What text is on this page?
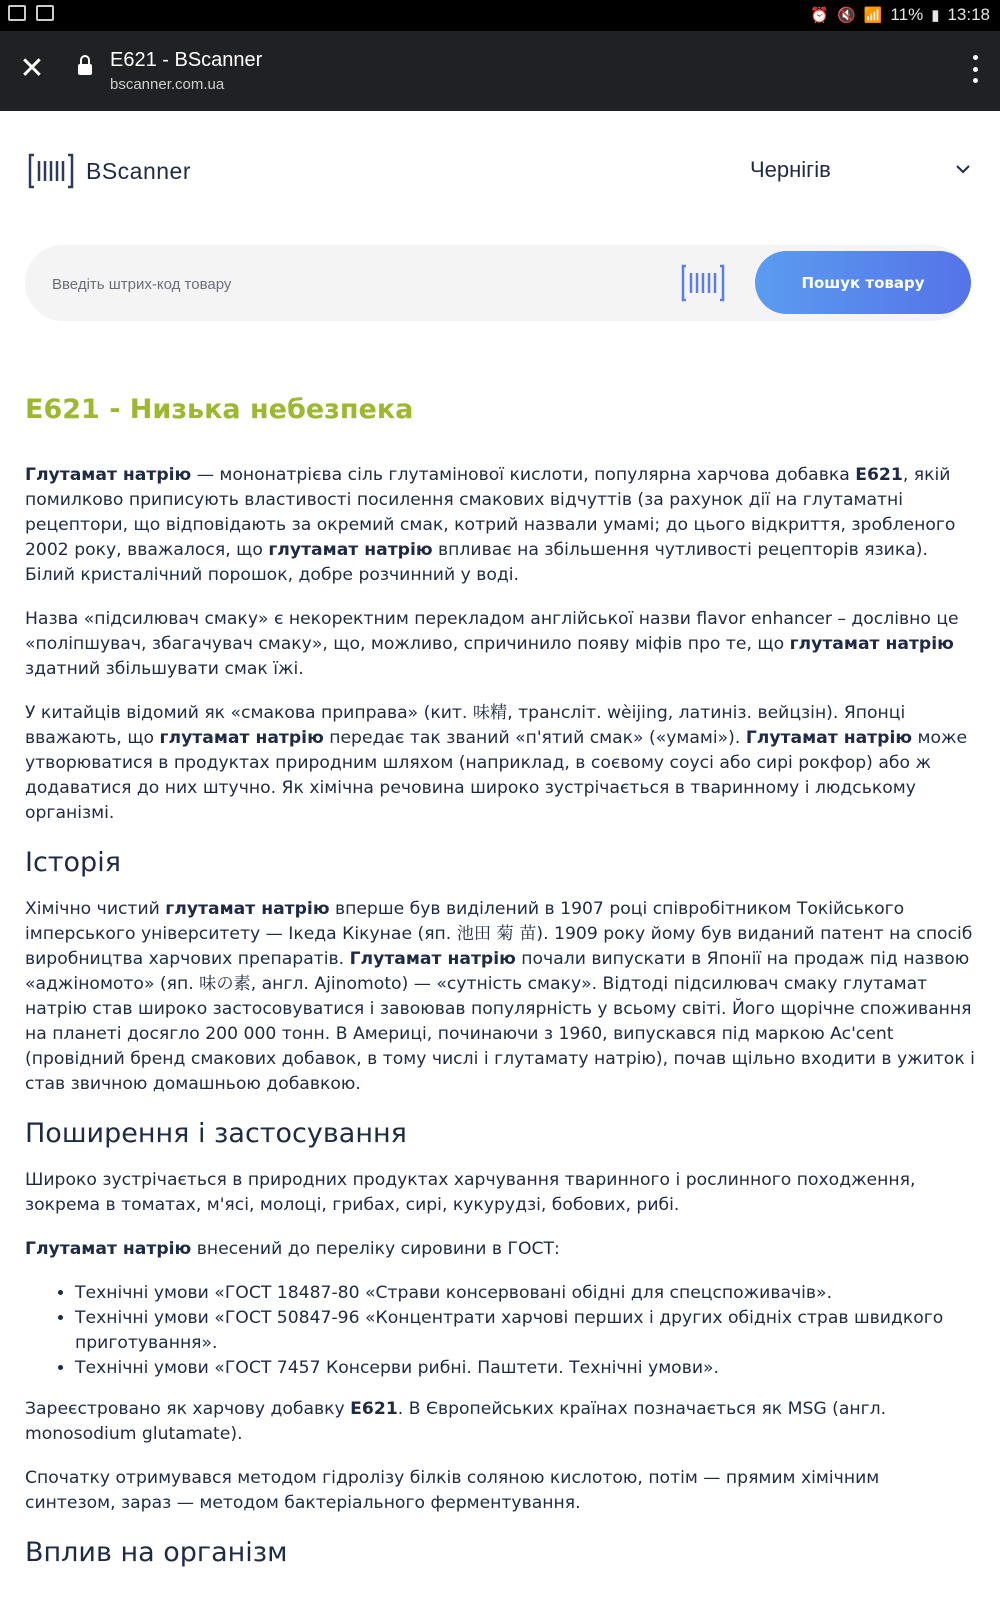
⏰ 🔇 📶 11% ▮ 13:18
✕	E621 - BScanner
bscanner.com.ua
BScanner	Чернігів
Введіть штрих-код товару
Пошук товару
E621 - Низька небезпека

Глутамат натрію — мононатрієва сіль глутамінової кислоти, популярна харчова добавка E621, якій помилково приписують властивості посилення смакових відчуттів (за рахунок дії на глутаматні рецептори, що відповідають за окремий смак, котрий назвали умамі; до цього відкриття, зробленого 2002 року, вважалося, що глутамат натрію впливає на збільшення чутливості рецепторів язика). Білий кристалічний порошок, добре розчинний у воді.

Назва «підсилювач смаку» є некоректним перекладом англійської назви flavor enhancer – дослівно це «поліпшувач, збагачувач смаку», що, можливо, спричинило появу міфів про те, що глутамат натрію здатний збільшувати смак їжі.

У китайців відомий як «смакова приправа» (кит. 味精, трансліт. wèijing, латиніз. вейцзін). Японці вважають, що глутамат натрію передає так званий «п'ятий смак» («умамі»). Глутамат натрію може утворюватися в продуктах природним шляхом (наприклад, в соєвому соусі або сирі рокфор) або ж додаватися до них штучно. Як хімічна речовина широко зустрічається в тваринному і людському організмі.

Історія

Хімічно чистий глутамат натрію вперше був виділений в 1907 році співробітником Токійського імперського університету — Ікеда Кікунае (яп. 池田 菊 苗). 1909 року йому був виданий патент на спосіб виробництва харчових препаратів. Глутамат натрію почали випускати в Японії на продаж під назвою «аджіномото» (яп. 味の素, англ. Ajinomoto) — «сутність смаку». Відтоді підсилювач смаку глутамат натрію став широко застосовуватися і завоював популярність у всьому світі. Його щорічне споживання на планеті досягло 200 000 тонн. В Америці, починаючи з 1960, випускався під маркою Ac'cent (провідний бренд смакових добавок, в тому числі і глутамату натрію), почав щільно входити в ужиток і став звичною домашньою добавкою.

Поширення і застосування

Широко зустрічається в природних продуктах харчування тваринного і рослинного походження, зокрема в томатах, м'ясі, молоці, грибах, сирі, кукурудзі, бобових, рибі.

Глутамат натрію внесений до переліку сировини в ГОСТ:

• Технічні умови «ГОСТ 18487-80 «Страви консервовані обідні для спецспоживачів».
• Технічні умови «ГОСТ 50847-96 «Концентрати харчові перших і других обідніх страв швидкого приготування».
• Технічні умови «ГОСТ 7457 Консерви рибні. Паштети. Технічні умови».

Зареєстровано як харчову добавку E621. В Європейських країнах позначається як MSG (англ. monosodium glutamate).

Спочатку отримувався методом гідролізу білків соляною кислотою, потім — прямим хімічним синтезом, зараз — методом бактеріального ферментування.

Вплив на організм
